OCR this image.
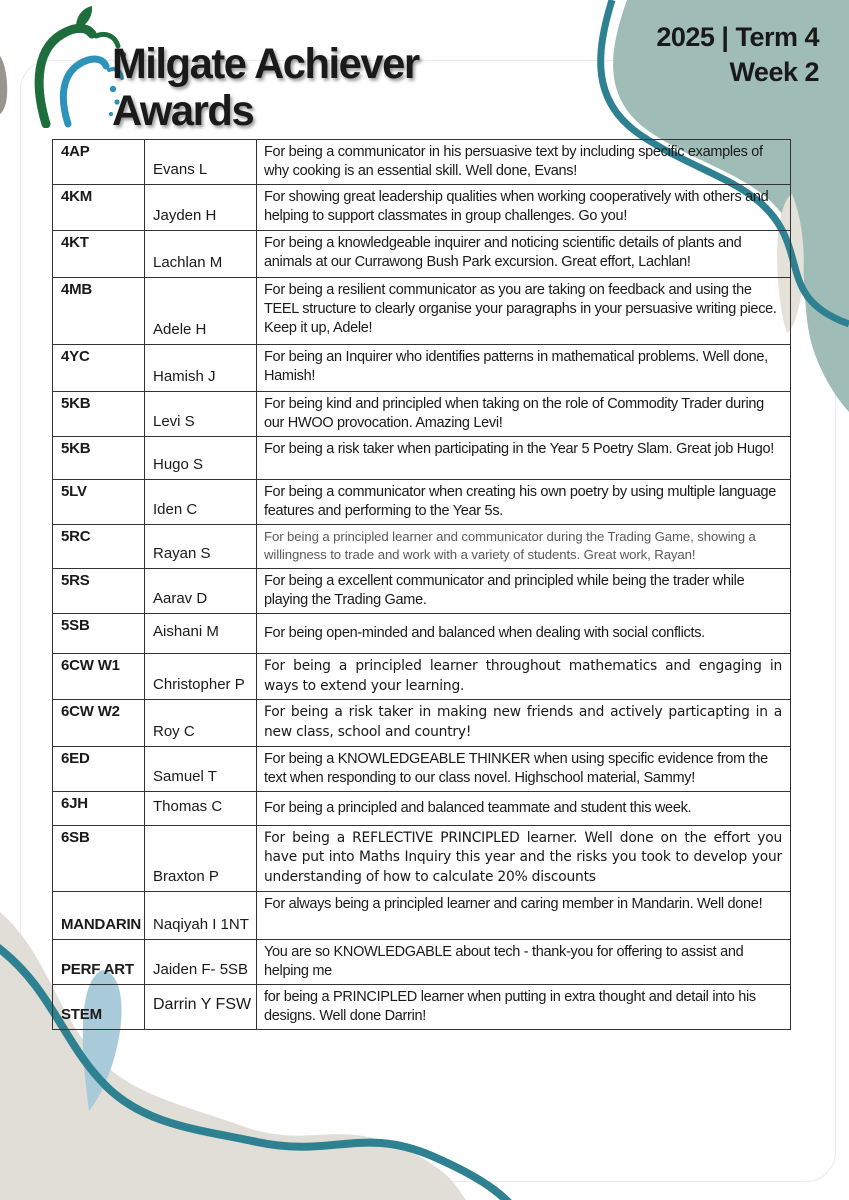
Milgate Achiever
Awards
2025 | Term 4
Week 2
4AP	Evans L	For being a communicator in his persuasive text by including specific examples of why cooking is an essential skill. Well done, Evans!
4KM	Jayden H	For showing great leadership qualities when working cooperatively with others and helping to support classmates in group challenges. Go you!
4KT	Lachlan M	For being a knowledgeable inquirer and noticing scientific details of plants and animals at our Currawong Bush Park excursion. Great effort, Lachlan!
4MB	Adele H	For being a resilient communicator as you are taking on feedback and using the TEEL structure to clearly organise your paragraphs in your persuasive writing piece. Keep it up, Adele!
4YC	Hamish J	For being an Inquirer who identifies patterns in mathematical problems. Well done, Hamish!
5KB	Levi S	For being kind and principled when taking on the role of Commodity Trader during our HWOO provocation. Amazing Levi!
5KB	Hugo S	For being a risk taker when participating in the Year 5 Poetry Slam. Great job Hugo!
5LV	Iden C	For being a communicator when creating his own poetry by using multiple language features and performing to the Year 5s.
5RC	Rayan S	For being a principled learner and communicator during the Trading Game, showing a willingness to trade and work with a variety of students. Great work, Rayan!
5RS	Aarav D	For being a excellent communicator and principled while being the trader while playing the Trading Game.
5SB	Aishani M	For being open-minded and balanced when dealing with social conflicts.
6CW W1	Christopher P	For being a principled learner throughout mathematics and engaging in ways to extend your learning.
6CW W2	Roy C	For being a risk taker in making new friends and actively particapting in a new class, school and country!
6ED	Samuel T	For being a KNOWLEDGEABLE THINKER when using specific evidence from the text when responding to our class novel. Highschool material, Sammy!
6JH	Thomas C	For being a principled and balanced teammate and student this week.
6SB	Braxton P	For being a REFLECTIVE PRINCIPLED learner. Well done on the effort you have put into Maths Inquiry this year and the risks you took to develop your understanding of how to calculate 20% discounts
MANDARIN	Naqiyah I 1NT	For always being a principled learner and caring member in Mandarin. Well done!
PERF ART	Jaiden F- 5SB	You are so KNOWLEDGABLE about tech - thank-you for offering to assist and helping me
STEM	Darrin Y FSW	for being a PRINCIPLED learner when putting in extra thought and detail into his designs. Well done Darrin!
